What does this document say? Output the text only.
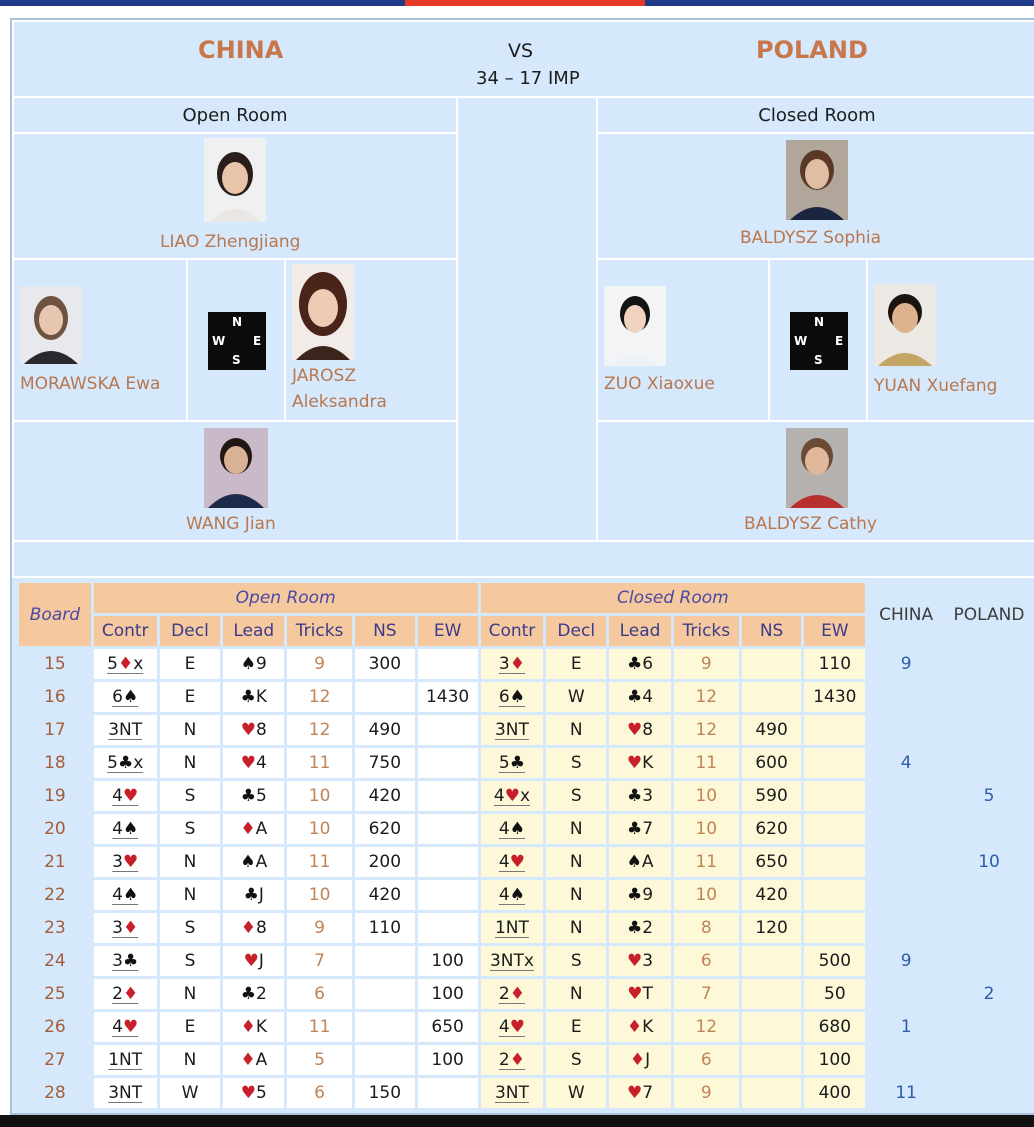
CHINA	VS
34 – 17 IMP
POLAND
Open Room
LIAO Zhengjiang
MORAWSKA Ewa
N
W E
S
JAROSZ
Aleksandra
WANG Jian
Closed Room
BALDYSZ Sophia
ZUO Xiaoxue
N
W E
S
YUAN Xuefang
BALDYSZ Cathy
Board	Open Room						Closed Room						CHINA	POLAND
	Contr	Decl	Lead	Tricks	NS	EW	Contr	Decl	Lead	Tricks	NS	EW		
15	5♦x	E	♠9	9	300		3♦	E	♣6	9		110	9	
16	6♠	E	♣K	12		1430	6♠	W	♣4	12		1430		
17	3NT	N	♥8	12	490		3NT	N	♥8	12	490			
18	5♣x	N	♥4	11	750		5♣	S	♥K	11	600		4	
19	4♥	S	♣5	10	420		4♥x	S	♣3	10	590			5
20	4♠	S	♦A	10	620		4♠	N	♣7	10	620			
21	3♥	N	♠A	11	200		4♥	N	♠A	11	650			10
22	4♠	N	♣J	10	420		4♠	N	♣9	10	420			
23	3♦	S	♦8	9	110		1NT	N	♣2	8	120			
24	3♣	S	♥J	7		100	3NTx	S	♥3	6		500	9	
25	2♦	N	♣2	6		100	2♦	N	♥T	7		50		2
26	4♥	E	♦K	11		650	4♥	E	♦K	12		680	1	
27	1NT	N	♦A	5		100	2♦	S	♦J	6		100		
28	3NT	W	♥5	6	150		3NT	W	♥7	9		400	11	
